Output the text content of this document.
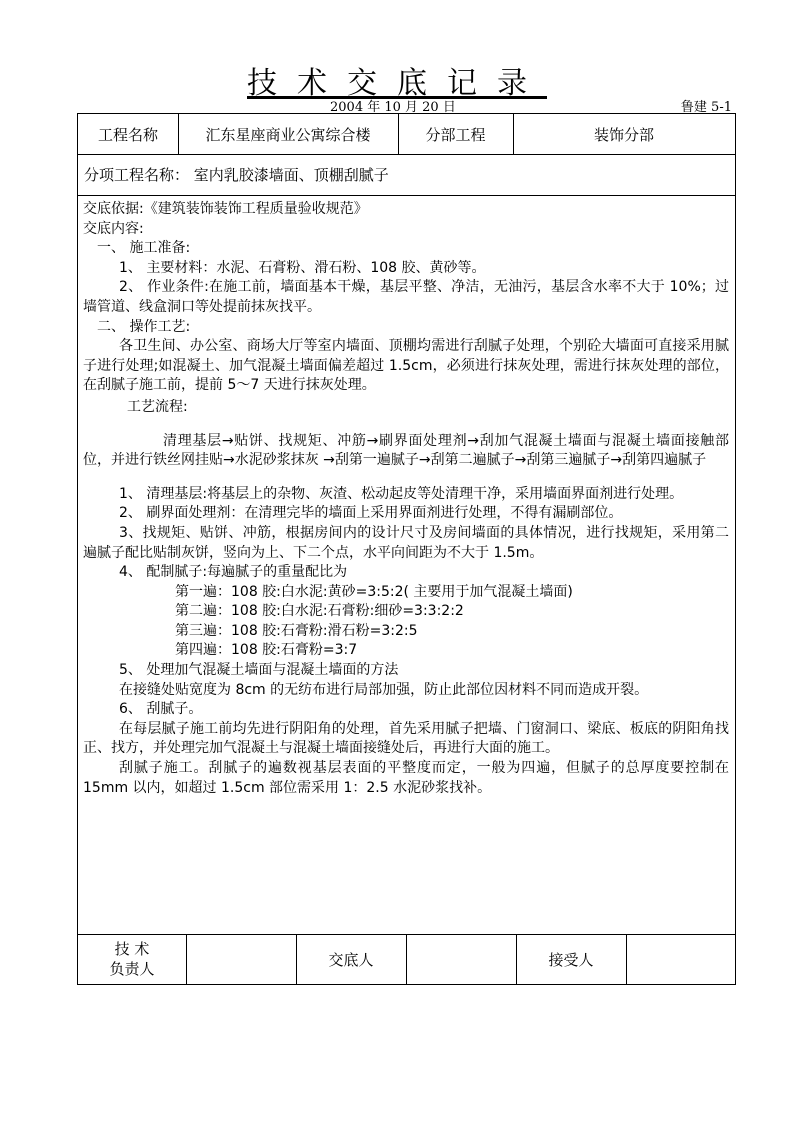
技术交底记录
2004 年 10 月 20 日	鲁建 5-1
工程名称	汇东星座商业公寓综合楼	分部工程	装饰分部
分项工程名称： 室内乳胶漆墙面、顶棚刮腻子

交底依据:《建筑装饰装饰工程质量验收规范》

交底内容:

一、 施工准备:

1、 主要材料：水泥、石膏粉、滑石粉、108 胶、黄砂等。

2、 作业条件:在施工前，墙面基本干燥，基层平整、净洁，无油污，基层含水率不大于 10%；过墙管道、线盒洞口等处提前抹灰找平。

二、 操作工艺:

各卫生间、办公室、商场大厅等室内墙面、顶棚均需进行刮腻子处理，个别砼大墙面可直接采用腻子进行处理;如混凝土、加气混凝土墙面偏差超过 1.5cm，必须进行抹灰处理，需进行抹灰处理的部位，在刮腻子施工前，提前 5～7 天进行抹灰处理。

工艺流程:

清理基层→贴饼、找规矩、冲筋→刷界面处理剂→刮加气混凝土墙面与混凝土墙面接触部位，并进行铁丝网挂贴→水泥砂浆抹灰 →刮第一遍腻子→刮第二遍腻子→刮第三遍腻子→刮第四遍腻子

1、 清理基层:将基层上的杂物、灰渣、松动起皮等处清理干净，采用墙面界面剂进行处理。

2、 刷界面处理剂：在清理完毕的墙面上采用界面剂进行处理，不得有漏刷部位。

3、找规矩、贴饼、冲筋，根据房间内的设计尺寸及房间墙面的具体情况，进行找规矩，采用第二遍腻子配比贴制灰饼，竖向为上、下二个点，水平向间距为不大于 1.5m。

4、 配制腻子:每遍腻子的重量配比为

第一遍：108 胶:白水泥:黄砂=3:5:2( 主要用于加气混凝土墙面)

第二遍：108 胶:白水泥:石膏粉:细砂=3:3:2:2

第三遍：108 胶:石膏粉:滑石粉=3:2:5

第四遍：108 胶:石膏粉=3:7

5、 处理加气混凝土墙面与混凝土墙面的方法

在接缝处贴宽度为 8cm 的无纺布进行局部加强，防止此部位因材料不同而造成开裂。

6、 刮腻子。

在每层腻子施工前均先进行阴阳角的处理，首先采用腻子把墙、门窗洞口、梁底、板底的阴阳角找正、找方，并处理完加气混凝土与混凝土墙面接缝处后，再进行大面的施工。

刮腻子施工。刮腻子的遍数视基层表面的平整度而定，一般为四遍，但腻子的总厚度要控制在 15mm 以内，如超过 1.5cm 部位需采用 1：2.5 水泥砂浆找补。

技 术
负责人
交底人	接受人
